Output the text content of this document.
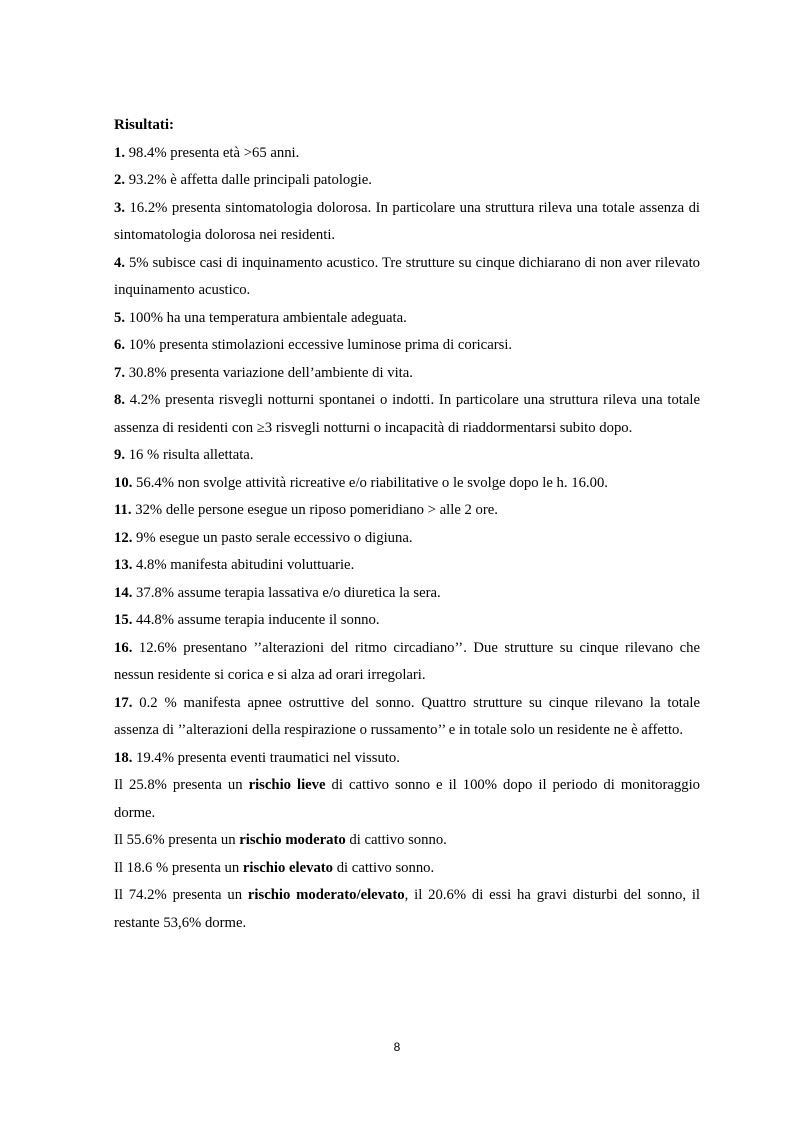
Risultati:
1. 98.4% presenta età >65 anni.
2. 93.2% è affetta dalle principali patologie.
3. 16.2% presenta sintomatologia dolorosa. In particolare una struttura rileva una totale assenza di sintomatologia dolorosa nei residenti.
4. 5% subisce casi di inquinamento acustico. Tre strutture su cinque dichiarano di non aver rilevato inquinamento acustico.
5. 100% ha una temperatura ambientale adeguata.
6. 10% presenta stimolazioni eccessive luminose prima di coricarsi.
7. 30.8% presenta variazione dell’ambiente di vita.
8. 4.2% presenta risvegli notturni spontanei o indotti. In particolare una struttura rileva una totale assenza di residenti con ≥3 risvegli notturni o incapacità di riaddormentarsi subito dopo.
9. 16 % risulta allettata.
10. 56.4% non svolge attività ricreative e/o riabilitative o le svolge dopo le h. 16.00.
11. 32% delle persone esegue un riposo pomeridiano > alle 2 ore.
12. 9% esegue un pasto serale eccessivo o digiuna.
13. 4.8% manifesta abitudini voluttuarie.
14. 37.8% assume terapia lassativa e/o diuretica la sera.
15. 44.8% assume terapia inducente il sonno.
16. 12.6% presentano ’’alterazioni del ritmo circadiano’’. Due strutture su cinque rilevano che nessun residente si corica e si alza ad orari irregolari.
17. 0.2 % manifesta apnee ostruttive del sonno. Quattro strutture su cinque rilevano la totale assenza di ’’alterazioni della respirazione o russamento’’ e in totale solo un residente ne è affetto.
18. 19.4% presenta eventi traumatici nel vissuto.
Il 25.8% presenta un rischio lieve di cattivo sonno e il 100% dopo il periodo di monitoraggio dorme.
Il 55.6% presenta un rischio moderato di cattivo sonno.
Il 18.6 % presenta un rischio elevato di cattivo sonno.
Il 74.2% presenta un rischio moderato/elevato, il 20.6% di essi ha gravi disturbi del sonno, il restante 53,6% dorme.
8
